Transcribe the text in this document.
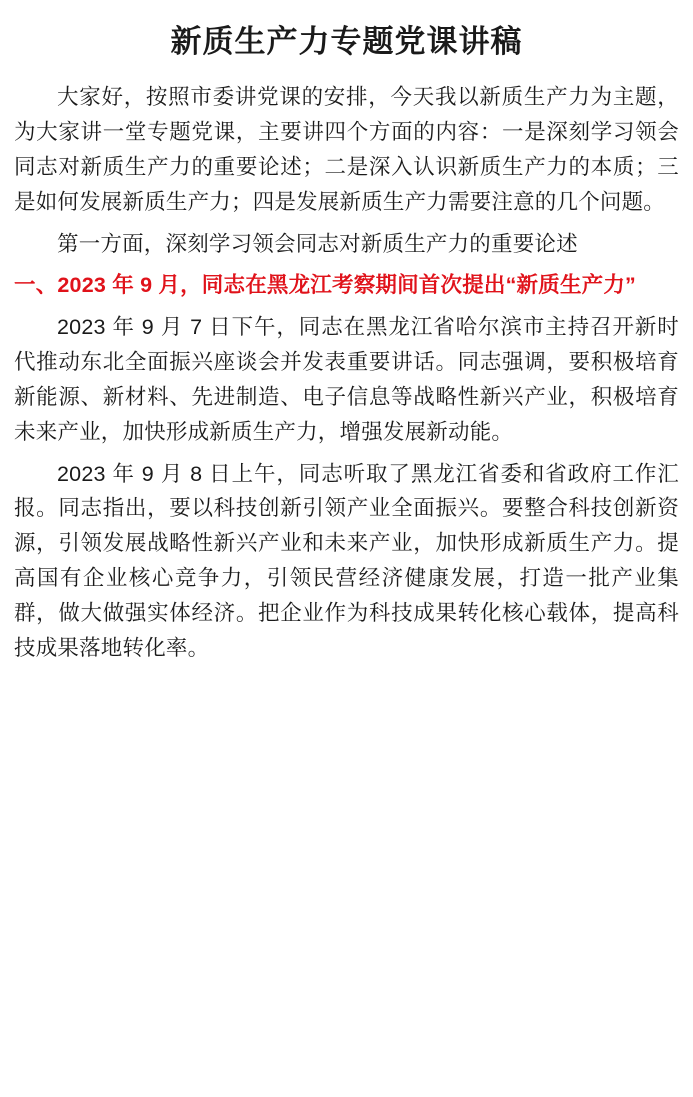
新质生产力专题党课讲稿

大家好，按照市委讲党课的安排，今天我以新质生产力为主题，为大家讲一堂专题党课，主要讲四个方面的内容：一是深刻学习领会同志对新质生产力的重要论述；二是深入认识新质生产力的本质；三是如何发展新质生产力；四是发展新质生产力需要注意的几个问题。

第一方面，深刻学习领会同志对新质生产力的重要论述

一、2023 年 9 月，同志在黑龙江考察期间首次提出“新质生产力”

2023 年 9 月 7 日下午，同志在黑龙江省哈尔滨市主持召开新时代推动东北全面振兴座谈会并发表重要讲话。同志强调，要积极培育新能源、新材料、先进制造、电子信息等战略性新兴产业，积极培育未来产业，加快形成新质生产力，增强发展新动能。

2023 年 9 月 8 日上午，同志听取了黑龙江省委和省政府工作汇报。同志指出，要以科技创新引领产业全面振兴。要整合科技创新资源，引领发展战略性新兴产业和未来产业，加快形成新质生产力。提高国有企业核心竞争力，引领民营经济健康发展，打造一批产业集群，做大做强实体经济。把企业作为科技成果转化核心载体，提高科技成果落地转化率。
